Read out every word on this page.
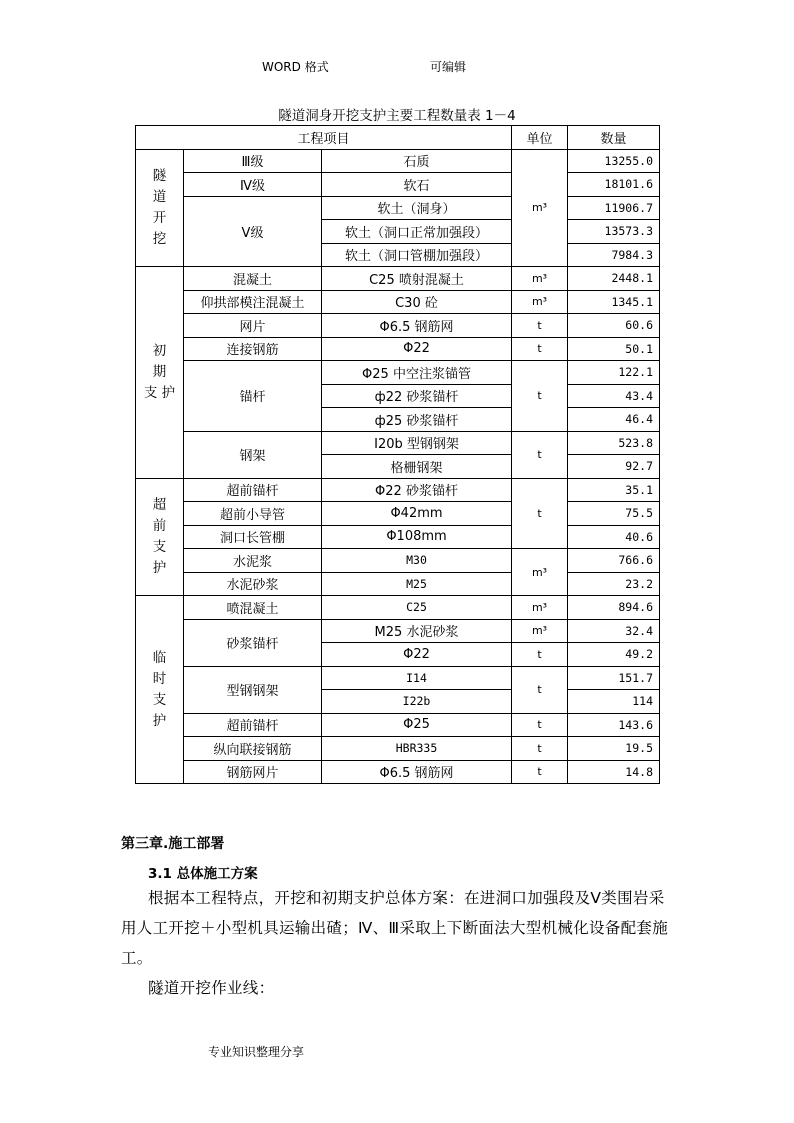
WORD 格式	可编辑
隧道洞身开挖支护主要工程数量表 1－4
工程项目			单位	数量
隧
道
开
挖	Ⅲ级	石质	m³	13255.0
	Ⅳ级	软石		18101.6
	Ⅴ级	软土（洞身）		11906.7
		软土（洞口正常加强段）		13573.3
		软土（洞口管棚加强段）		7984.3
初
期
支 护	混凝土	C25 喷射混凝土	m³	2448.1
	仰拱部模注混凝土	C30 砼	m³	1345.1
	网片	Φ6.5 钢筋网	t	60.6
	连接钢筋	Φ22	t	50.1
	锚杆	Φ25 中空注浆锚管	t	122.1
		ф22 砂浆锚杆		43.4
		ф25 砂浆锚杆		46.4
	钢架	I20b 型钢钢架	t	523.8
		格栅钢架		92.7
超
前
支
护	超前锚杆	Φ22 砂浆锚杆	t	35.1
	超前小导管	Φ42mm		75.5
	洞口长管棚	Φ108mm		40.6
	水泥浆	M30	m³	766.6
	水泥砂浆	M25		23.2
临
时
支
护	喷混凝土	C25	m³	894.6
	砂浆锚杆	M25 水泥砂浆	m³	32.4
		Φ22	t	49.2
	型钢钢架	I14	t	151.7
		I22b		114
	超前锚杆	Φ25	t	143.6
	纵向联接钢筋	HBR335	t	19.5
	钢筋网片	Φ6.5 钢筋网	t	14.8
第三章.施工部署
3.1 总体施工方案
根据本工程特点，开挖和初期支护总体方案：在进洞口加强段及Ⅴ类围岩采
用人工开挖＋小型机具运输出碴；Ⅳ、Ⅲ采取上下断面法大型机械化设备配套施
工。
隧道开挖作业线：
专业知识整理分享
